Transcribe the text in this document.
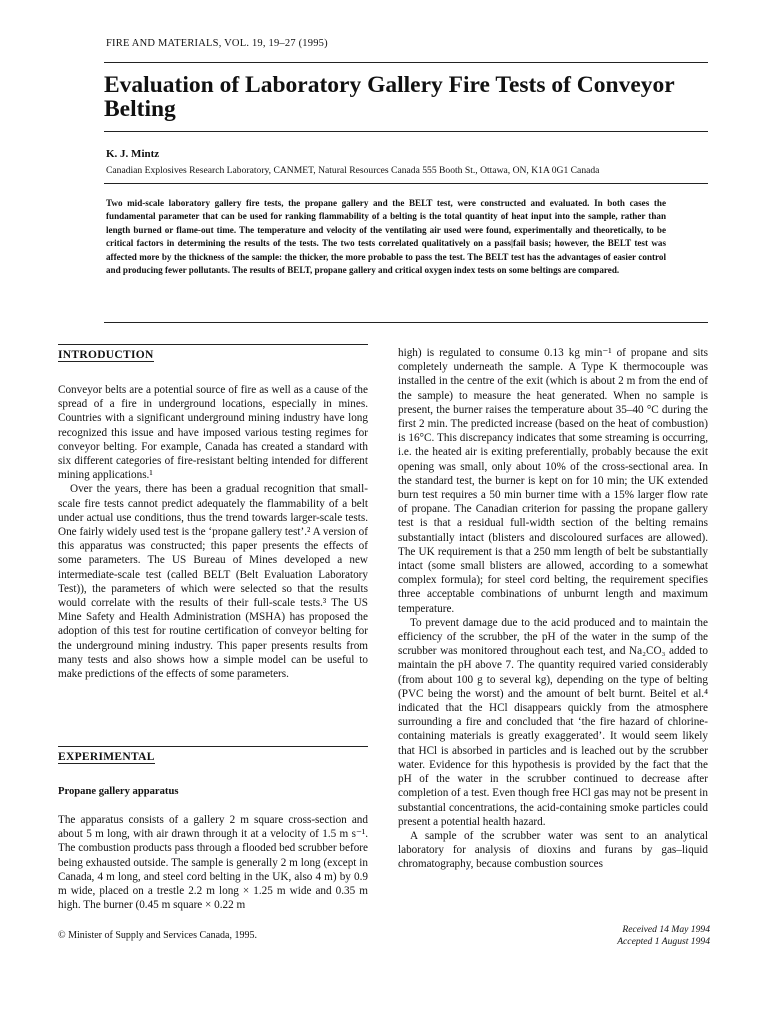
FIRE AND MATERIALS, VOL. 19, 19–27 (1995)
Evaluation of Laboratory Gallery Fire Tests of Conveyor Belting
K. J. Mintz
Canadian Explosives Research Laboratory, CANMET, Natural Resources Canada 555 Booth St., Ottawa, ON, K1A 0G1 Canada
Two mid-scale laboratory gallery fire tests, the propane gallery and the BELT test, were constructed and evaluated. In both cases the fundamental parameter that can be used for ranking flammability of a belting is the total quantity of heat input into the sample, rather than length burned or flame-out time. The temperature and velocity of the ventilating air used were found, experimentally and theoretically, to be critical factors in determining the results of the tests. The two tests correlated qualitatively on a pass|fail basis; however, the BELT test was affected more by the thickness of the sample: the thicker, the more probable to pass the test. The BELT test has the advantages of easier control and producing fewer pollutants. The results of BELT, propane gallery and critical oxygen index tests on some beltings are compared.
INTRODUCTION

Conveyor belts are a potential source of fire as well as a cause of the spread of a fire in underground locations, especially in mines. Countries with a significant underground mining industry have long recognized this issue and have imposed various testing regimes for conveyor belting. For example, Canada has created a standard with six different categories of fire-resistant belting intended for different mining applications.¹

Over the years, there has been a gradual recognition that small-scale fire tests cannot predict adequately the flammability of a belt under actual use conditions, thus the trend towards larger-scale tests. One fairly widely used test is the ‘propane gallery test’.² A version of this apparatus was constructed; this paper presents the effects of some parameters. The US Bureau of Mines developed a new intermediate-scale test (called BELT (Belt Evaluation Laboratory Test)), the parameters of which were selected so that the results would correlate with the results of their full-scale tests.³ The US Mine Safety and Health Administration (MSHA) has proposed the adoption of this test for routine certification of conveyor belting for the underground mining industry. This paper presents results from many tests and also shows how a simple model can be useful to make predictions of the effects of some parameters.

EXPERIMENTAL
Propane gallery apparatus

The apparatus consists of a gallery 2 m square cross-section and about 5 m long, with air drawn through it at a velocity of 1.5 m s⁻¹. The combustion products pass through a flooded bed scrubber before being exhausted outside. The sample is generally 2 m long (except in Canada, 4 m long, and steel cord belting in the UK, also 4 m) by 0.9 m wide, placed on a trestle 2.2 m long × 1.25 m wide and 0.35 m high. The burner (0.45 m square × 0.22 m

high) is regulated to consume 0.13 kg min⁻¹ of propane and sits completely underneath the sample. A Type K thermocouple was installed in the centre of the exit (which is about 2 m from the end of the sample) to measure the heat generated. When no sample is present, the burner raises the temperature about 35–40 °C during the first 2 min. The predicted increase (based on the heat of combustion) is 16°C. This discrepancy indicates that some streaming is occurring, i.e. the heated air is exiting preferentially, probably because the exit opening was small, only about 10% of the cross-sectional area. In the standard test, the burner is kept on for 10 min; the UK extended burn test requires a 50 min burner time with a 15% larger flow rate of propane. The Canadian criterion for passing the propane gallery test is that a residual full-width section of the belting remains substantially intact (blisters and discoloured surfaces are allowed). The UK requirement is that a 250 mm length of belt be substantially intact (some small blisters are allowed, according to a somewhat complex formula); for steel cord belting, the requirement specifies three acceptable combinations of unburnt length and maximum temperature.

To prevent damage due to the acid produced and to maintain the efficiency of the scrubber, the pH of the water in the sump of the scrubber was monitored throughout each test, and Na₂CO₃ added to maintain the pH above 7. The quantity required varied considerably (from about 100 g to several kg), depending on the type of belting (PVC being the worst) and the amount of belt burnt. Beitel et al.⁴ indicated that the HCl disappears quickly from the atmosphere surrounding a fire and concluded that ‘the fire hazard of chlorine-containing materials is greatly exaggerated’. It would seem likely that HCl is absorbed in particles and is leached out by the scrubber water. Evidence for this hypothesis is provided by the fact that the pH of the water in the scrubber continued to decrease after completion of a test. Even though free HCl gas may not be present in substantial concentrations, the acid-containing smoke particles could present a potential health hazard.

A sample of the scrubber water was sent to an analytical laboratory for analysis of dioxins and furans by gas–liquid chromatography, because combustion sources

© Minister of Supply and Services Canada, 1995.
Received 14 May 1994
Accepted 1 August 1994
